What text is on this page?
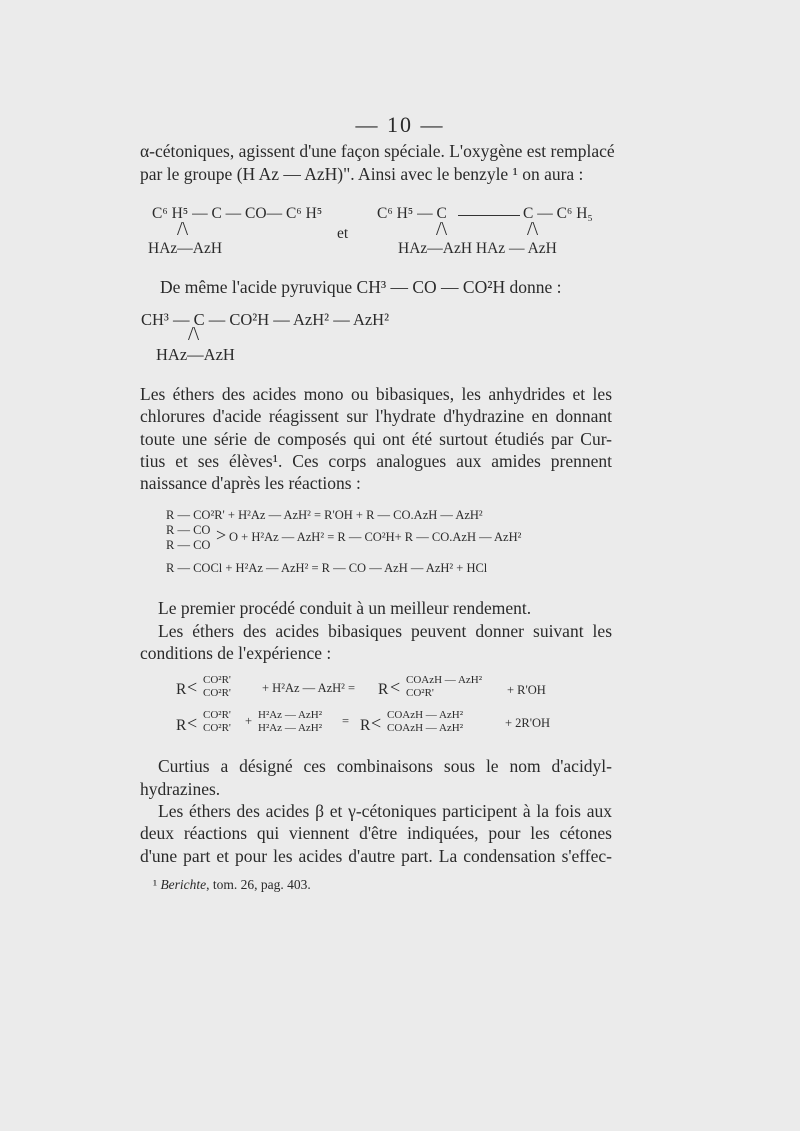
— 10 —
α-cétoniques, agissent d'une façon spéciale. L'oxygène est remplacé
par le groupe (H Az — AzH)". Ainsi avec le benzyle ¹ on aura :
C⁶ H⁵ — C — CO— C⁶ H⁵
/\
HAz—AzH
et
C⁶ H⁵ — C	C — C⁶ H₅
/\	/\
HAz—AzH HAz — AzH
De même l'acide pyruvique CH³ — CO — CO²H donne :
CH³ — C — CO²H — AzH² — AzH²
/\
HAz—AzH
Les éthers des acides mono ou bibasiques, les anhydrides et les
chlorures d'acide réagissent sur l'hydrate d'hydrazine en donnant
toute une série de composés qui ont été surtout étudiés par Cur-
tius et ses élèves¹. Ces corps analogues aux amides prennent
naissance d'après les réactions :
R — CO²R' + H²Az — AzH² = R'OH + R — CO.AzH — AzH²
R — CO
R — CO > O + H²Az — AzH² = R — CO²H+ R — CO.AzH — AzH²
R — COCl + H²Az — AzH² = R — CO — AzH — AzH² + HCl
Le premier procédé conduit à un meilleur rendement.
Les éthers des acides bibasiques peuvent donner suivant les
conditions de l'expérience :
R < CO²R'
CO²R' + H²Az — AzH² = R < COAzH — AzH²
CO²R'	+ R'OH
R < CO²R'
CO²R' + H²Az — AzH²
H²Az — AzH² = R < COAzH — AzH²
COAzH — AzH²	+ 2R'OH
Curtius a désigné ces combinaisons sous le nom d'acidyl-
hydrazines.
Les éthers des acides β et γ-cétoniques participent à la fois aux
deux réactions qui viennent d'être indiquées, pour les cétones
d'une part et pour les acides d'autre part. La condensation s'effec-
¹ Berichte, tom. 26, pag. 403.
